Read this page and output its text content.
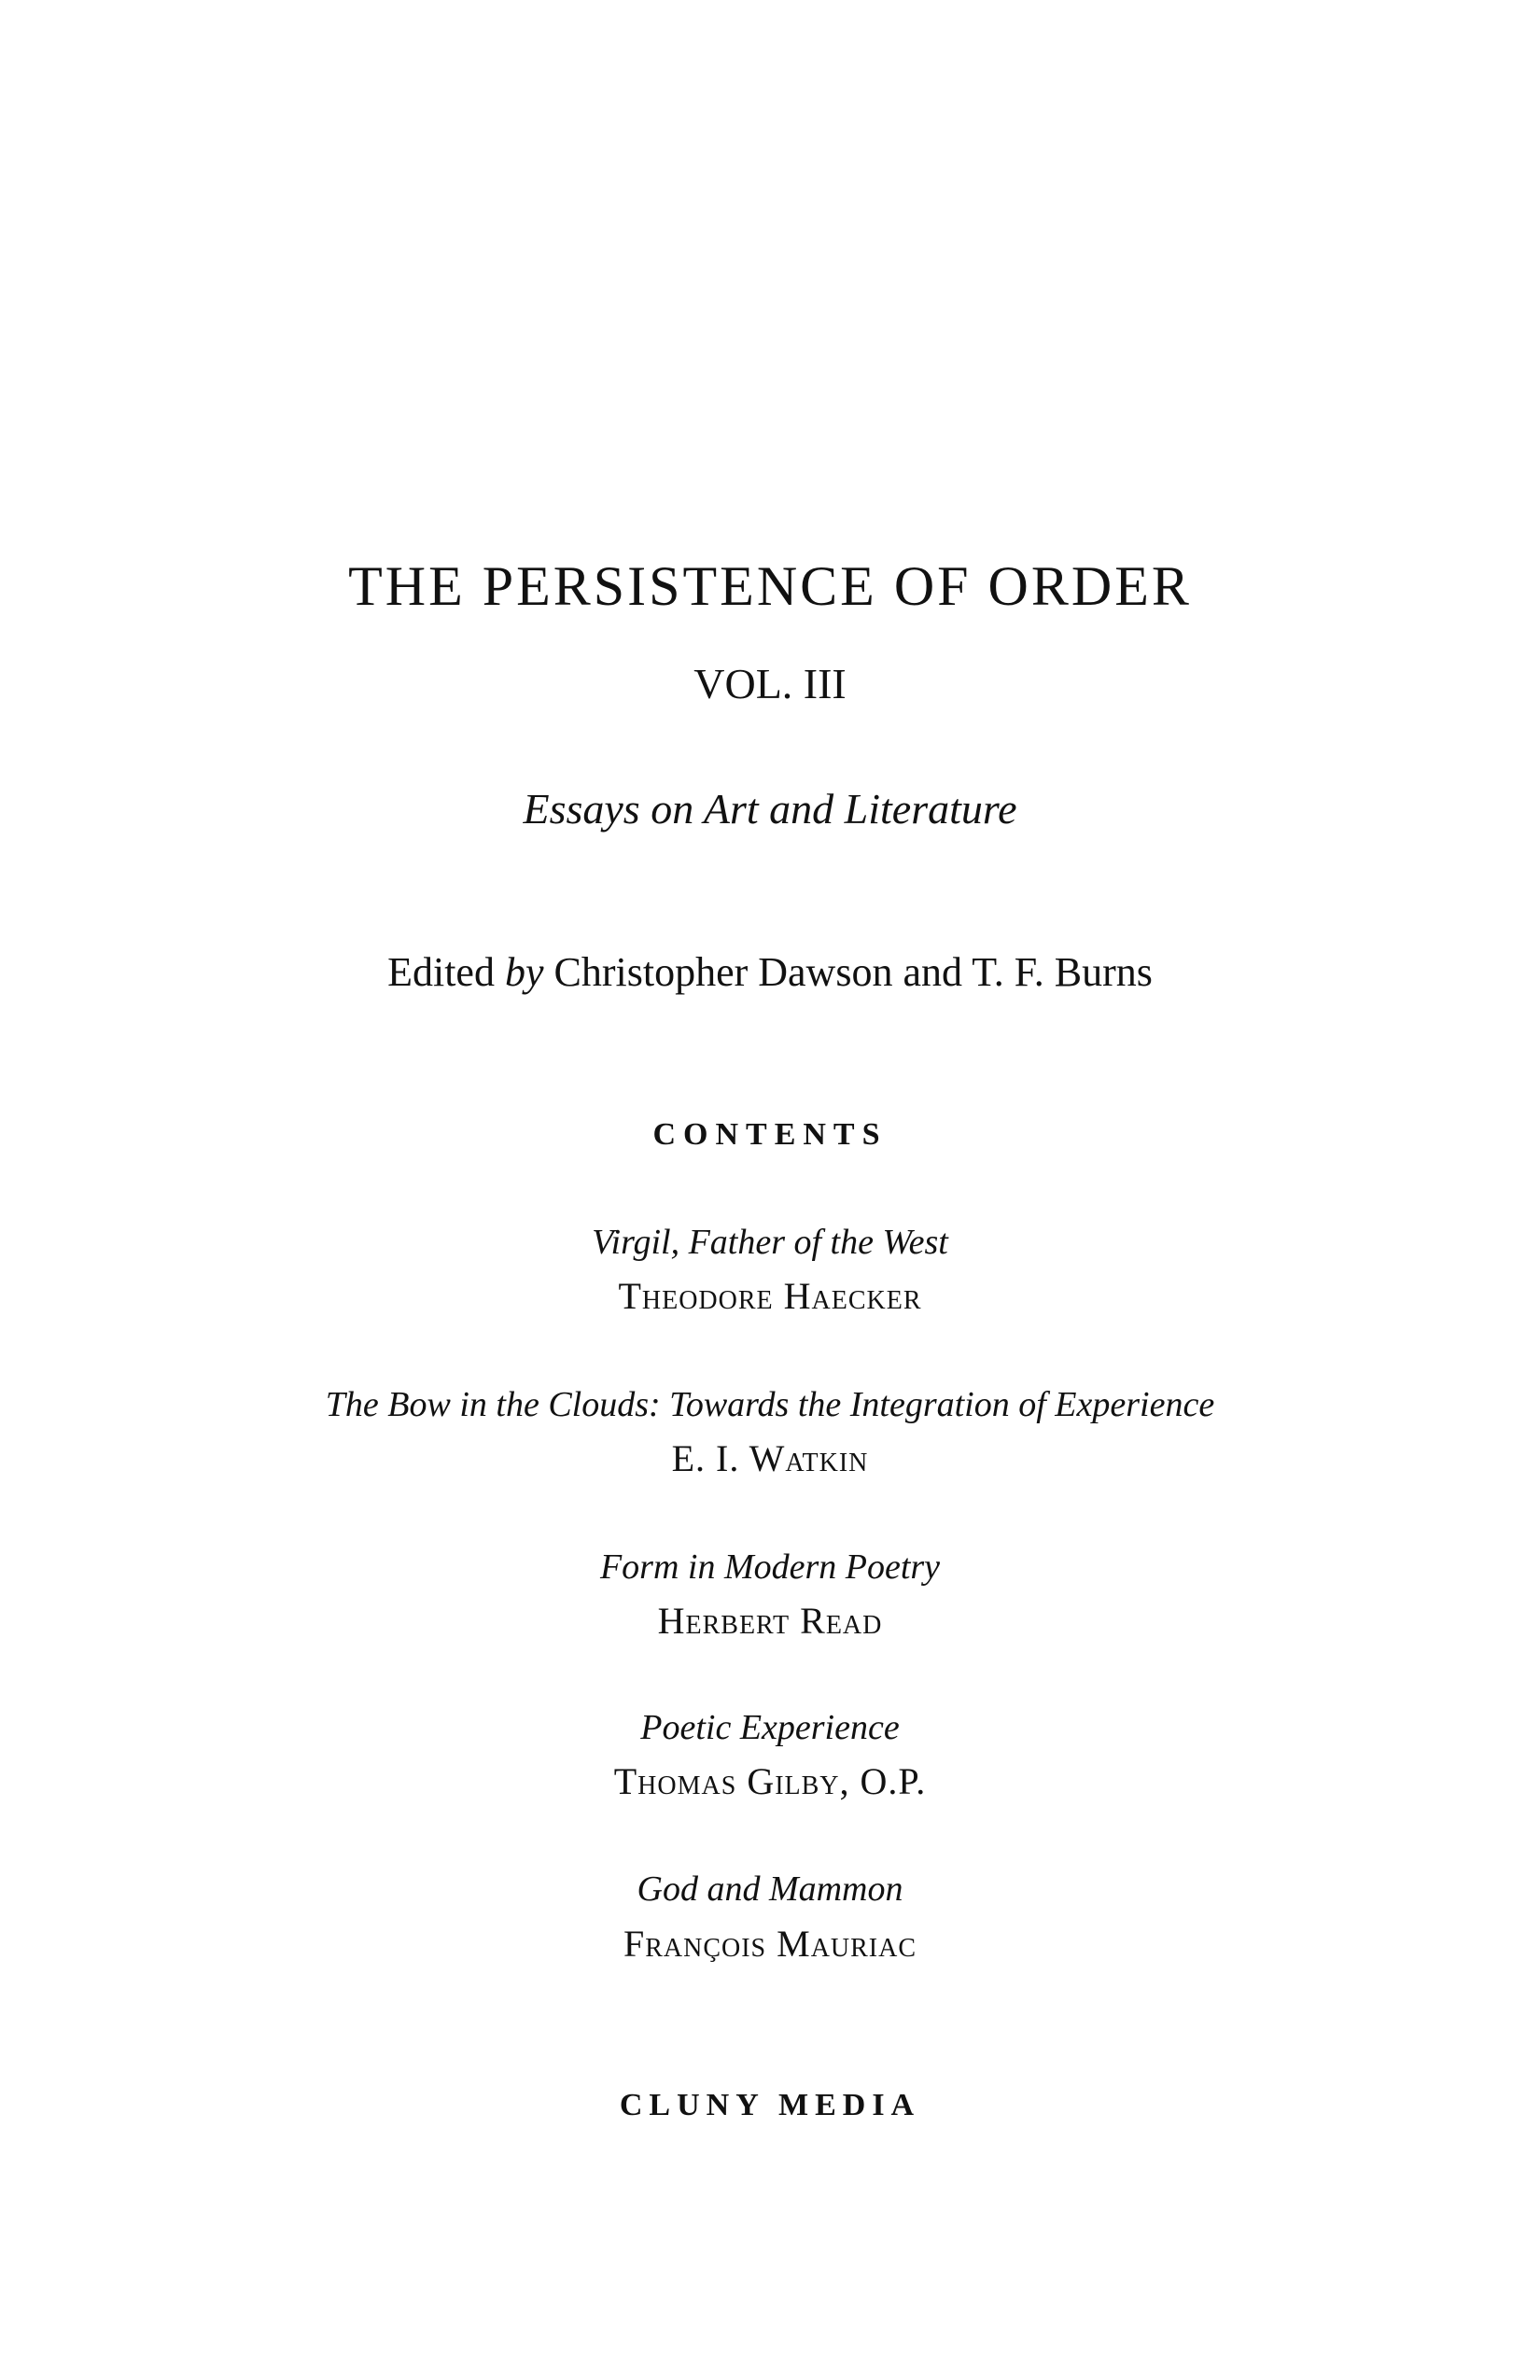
THE PERSISTENCE OF ORDER
VOL. III
Essays on Art and Literature
Edited by Christopher Dawson and T. F. Burns
CONTENTS
Virgil, Father of the West
Theodore Haecker
The Bow in the Clouds: Towards the Integration of Experience
E. I. Watkin
Form in Modern Poetry
Herbert Read
Poetic Experience
Thomas Gilby, O.P.
God and Mammon
François Mauriac
CLUNY MEDIA
